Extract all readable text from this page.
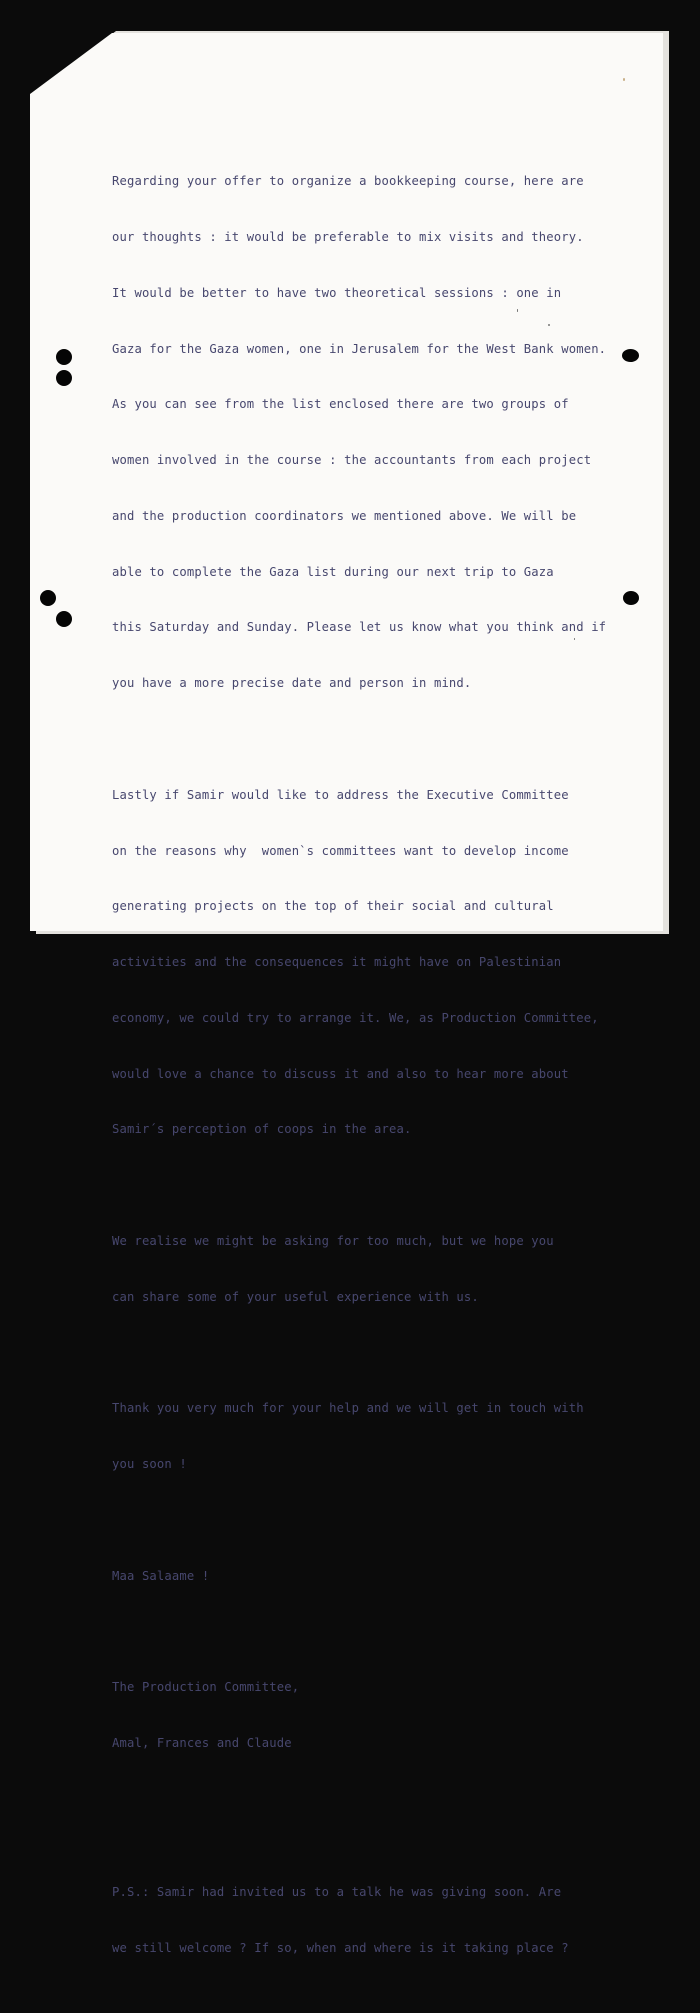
Regarding your offer to organize a bookkeeping course, here are

our thoughts : it would be preferable to mix visits and theory.

It would be better to have two theoretical sessions : one in

Gaza for the Gaza women, one in Jerusalem for the West Bank women.

As you can see from the list enclosed there are two groups of

women involved in the course : the accountants from each project

and the production coordinators we mentioned above. We will be

able to complete the Gaza list during our next trip to Gaza

this Saturday and Sunday. Please let us know what you think and if

you have a more precise date and person in mind.

Lastly if Samir would like to address the Executive Committee

on the reasons why  women`s committees want to develop income

generating projects on the top of their social and cultural

activities and the consequences it might have on Palestinian

economy, we could try to arrange it. We, as Production Committee,

would love a chance to discuss it and also to hear more about

Samir´s perception of coops in the area.

We realise we might be asking for too much, but we hope you

can share some of your useful experience with us.

Thank you very much for your help and we will get in touch with

you soon !

Maa Salaame !

The Production Committee,

Amal, Frances and Claude

P.S.: Samir had invited us to a talk he was giving soon. Are

we still welcome ? If so, when and where is it taking place ?
